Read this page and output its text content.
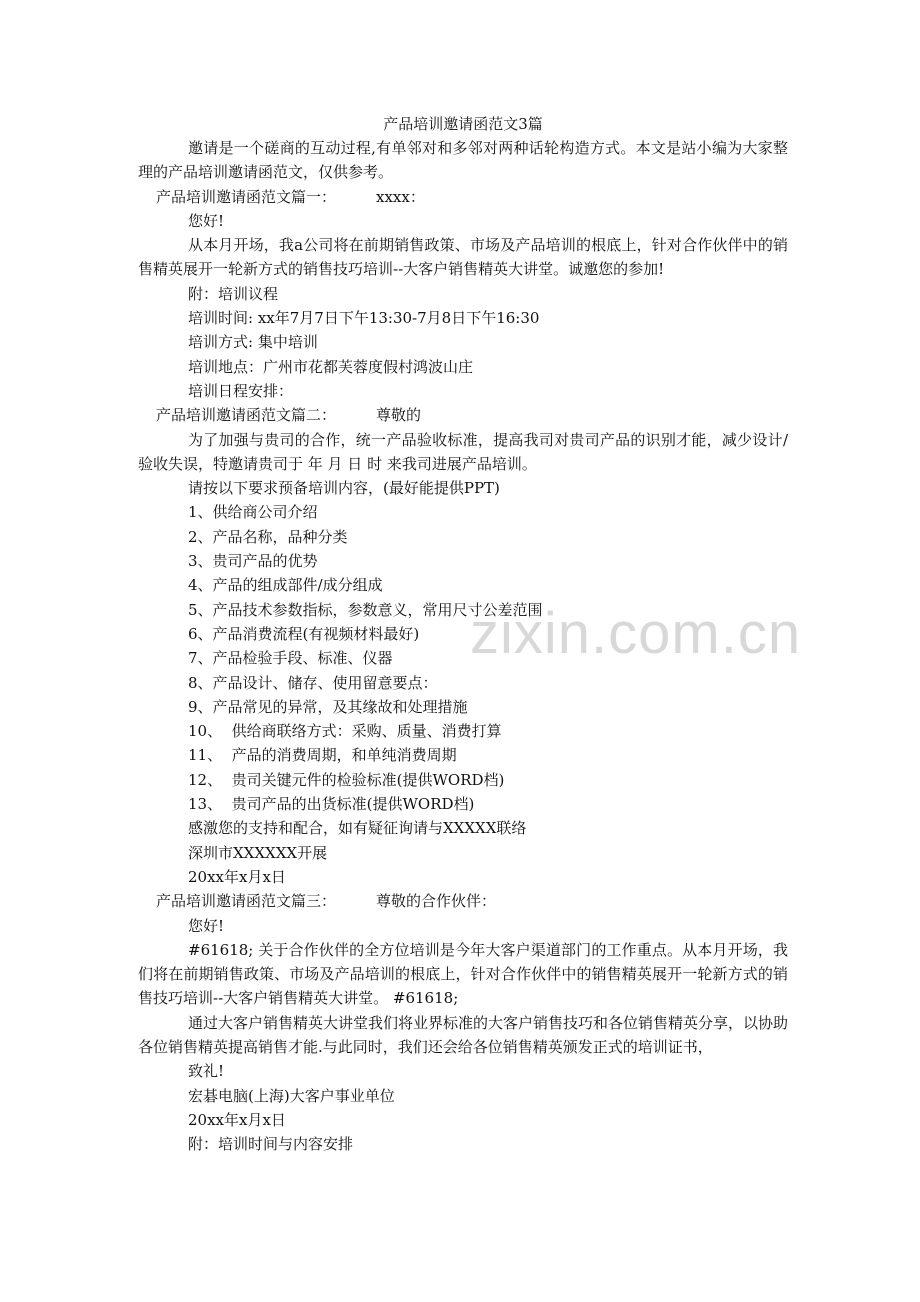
zixin.com.cn
产品培训邀请函范文3篇

邀请是一个磋商的互动过程,有单邻对和多邻对两种话轮构造方式。本文是站小编为大家整理的产品培训邀请函范文，仅供参考。

产品培训邀请函范文篇一：	xxxx：

您好!

从本月开场，我a公司将在前期销售政策、市场及产品培训的根底上，针对合作伙伴中的销售精英展开一轮新方式的销售技巧培训--大客户销售精英大讲堂。诚邀您的参加!

附：培训议程

培训时间: xx年7月7日下午13:30-7月8日下午16:30

培训方式: 集中培训

培训地点：广州市花都芙蓉度假村鸿波山庄

培训日程安排：

产品培训邀请函范文篇二：	尊敬的

为了加强与贵司的合作，统一产品验收标准，提高我司对贵司产品的识别才能，减少设计/验收失误，特邀请贵司于 年 月 日 时 来我司进展产品培训。

请按以下要求预备培训内容，(最好能提供PPT)

1、供给商公司介绍

2、产品名称，品种分类

3、贵司产品的优势

4、产品的组成部件/成分组成

5、产品技术参数指标，参数意义，常用尺寸公差范围

6、产品消费流程(有视频材料最好)

7、产品检验手段、标准、仪器

8、产品设计、储存、使用留意要点：

9、产品常见的异常，及其缘故和处理措施

10、  供给商联络方式：采购、质量、消费打算

11、  产品的消费周期，和单纯消费周期

12、  贵司关键元件的检验标准(提供WORD档)

13、  贵司产品的出货标准(提供WORD档)

感激您的支持和配合，如有疑征询请与XXXXX联络

深圳市XXXXXX开展

20xx年x月x日

产品培训邀请函范文篇三：	尊敬的合作伙伴：

您好!

#61618; 关于合作伙伴的全方位培训是今年大客户渠道部门的工作重点。从本月开场，我们将在前期销售政策、市场及产品培训的根底上，针对合作伙伴中的销售精英展开一轮新方式的销售技巧培训--大客户销售精英大讲堂。 #61618;

通过大客户销售精英大讲堂我们将业界标准的大客户销售技巧和各位销售精英分享，以协助各位销售精英提高销售才能.与此同时，我们还会给各位销售精英颁发正式的培训证书，

致礼!

宏碁电脑(上海)大客户事业单位

20xx年x月x日

附：培训时间与内容安排
